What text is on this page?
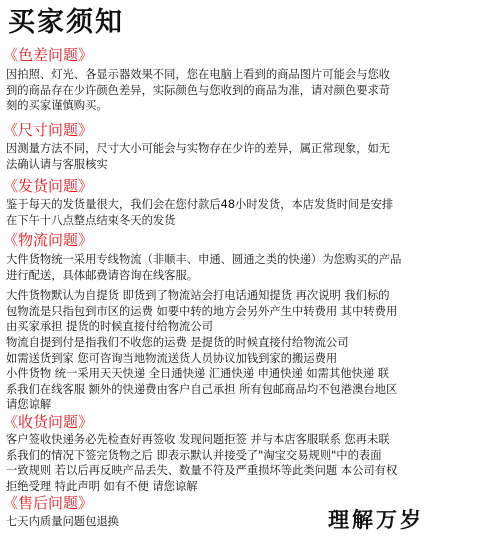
买家须知
《色差问题》
因拍照、灯光、各显示器效果不同，您在电脑上看到的商品图片可能会与您收
到的商品存在少许颜色差异，实际颜色与您收到的商品为准，请对颜色要求苛
刻的买家谨慎购买。
《尺寸问题》
因测量方法不同，尺寸大小可能会与实物存在少许的差异，属正常现象，如无
法确认请与客服核实
《发货问题》
鉴于每天的发货量很大，我们会在您付款后48小时发货，本店发货时间是安排
在下午十八点整点结束冬天的发货
《物流问题》
大件货物统一采用专线物流（非顺丰、申通、圆通之类的快递）为您购买的产品
进行配送，具体邮费请咨询在线客服。
大件货物默认为自提货 即货到了物流站会打电话通知提货 再次说明 我们标的
包物流是只指包到市区的运费 如要中转的地方会另外产生中转费用 其中转费用
由买家承担 提货的时候直接付给物流公司
物流自提到付是指我们不收您的运费 是提货的时候直接付给物流公司
如需送货到家 您可咨询当地物流送货人员协议加钱到家的搬运费用
小件货物 统一采用天天快递 全日通快递 汇通快递 申通快递 如需其他快递 联
系我们在线客服 额外的快递费由客户自己承担 所有包邮商品均不包港澳台地区
请您谅解
《收货问题》
客户签收快递务必先检查好再签收 发现问题拒签 并与本店客服联系 您再未联
系我们的情况下签完货物之后 即表示默认并接受了"淘宝交易规则"中的表面
一致规则 若以后再反映产品丢失、数量不符及严重损坏等此类问题 本公司有权
拒绝受理 特此声明 如有不便 请您谅解
《售后问题》
七天内质量问题包退换	理解万岁
